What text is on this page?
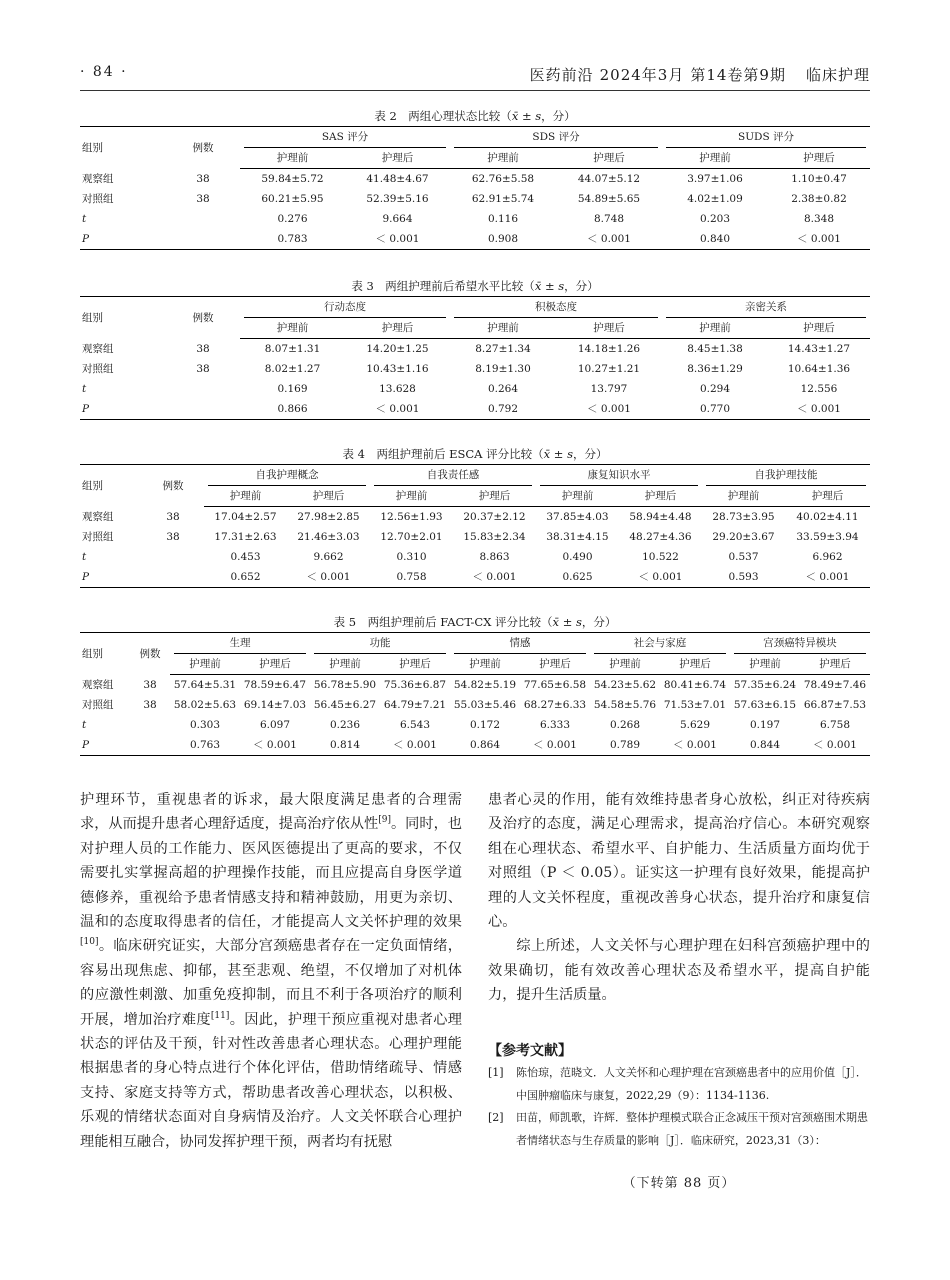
· 84 ·	医药前沿 2024年3月 第14卷第9期 临床护理
表 2　两组心理状态比较（x̄ ± s，分）
组别	例数	SAS 评分		SDS 评分		SUDS 评分	

		护理前	护理后	护理前	护理后	护理前	护理后
观察组	38	59.84±5.72	41.48±4.67	62.76±5.58	44.07±5.12	3.97±1.06	1.10±0.47
对照组	38	60.21±5.95	52.39±5.16	62.91±5.74	54.89±5.65	4.02±1.09	2.38±0.82
t		0.276	9.664	0.116	8.748	0.203	8.348
P		0.783	＜ 0.001	0.908	＜ 0.001	0.840	＜ 0.001
表 3　两组护理前后希望水平比较（x̄ ± s，分）
组别	例数	行动态度		积极态度		亲密关系	

		护理前	护理后	护理前	护理后	护理前	护理后
观察组	38	8.07±1.31	14.20±1.25	8.27±1.34	14.18±1.26	8.45±1.38	14.43±1.27
对照组	38	8.02±1.27	10.43±1.16	8.19±1.30	10.27±1.21	8.36±1.29	10.64±1.36
t		0.169	13.628	0.264	13.797	0.294	12.556
P		0.866	＜ 0.001	0.792	＜ 0.001	0.770	＜ 0.001
表 4　两组护理前后 ESCA 评分比较（x̄ ± s，分）
组别	例数	自我护理概念		自我责任感		康复知识水平		自我护理技能	

		护理前	护理后	护理前	护理后	护理前	护理后	护理前	护理后
观察组	38	17.04±2.57	27.98±2.85	12.56±1.93	20.37±2.12	37.85±4.03	58.94±4.48	28.73±3.95	40.02±4.11
对照组	38	17.31±2.63	21.46±3.03	12.70±2.01	15.83±2.34	38.31±4.15	48.27±4.36	29.20±3.67	33.59±3.94
t		0.453	9.662	0.310	8.863	0.490	10.522	0.537	6.962
P		0.652	＜ 0.001	0.758	＜ 0.001	0.625	＜ 0.001	0.593	＜ 0.001
表 5　两组护理前后 FACT-CX 评分比较（x̄ ± s，分）
组别	例数	生理		功能		情感		社会与家庭		宫颈癌特异模块	

		护理前	护理后	护理前	护理后	护理前	护理后	护理前	护理后	护理前	护理后
观察组	38	57.64±5.31	78.59±6.47	56.78±5.90	75.36±6.87	54.82±5.19	77.65±6.58	54.23±5.62	80.41±6.74	57.35±6.24	78.49±7.46
对照组	38	58.02±5.63	69.14±7.03	56.45±6.27	64.79±7.21	55.03±5.46	68.27±6.33	54.58±5.76	71.53±7.01	57.63±6.15	66.87±7.53
t		0.303	6.097	0.236	6.543	0.172	6.333	0.268	5.629	0.197	6.758
P		0.763	＜ 0.001	0.814	＜ 0.001	0.864	＜ 0.001	0.789	＜ 0.001	0.844	＜ 0.001

护理环节，重视患者的诉求，最大限度满足患者的合理需求，从而提升患者心理舒适度，提高治疗依从性[9]。同时，也对护理人员的工作能力、医风医德提出了更高的要求，不仅需要扎实掌握高超的护理操作技能，而且应提高自身医学道德修养，重视给予患者情感支持和精神鼓励，用更为亲切、温和的态度取得患者的信任，才能提高人文关怀护理的效果[10]。临床研究证实，大部分宫颈癌患者存在一定负面情绪，容易出现焦虑、抑郁，甚至悲观、绝望，不仅增加了对机体的应激性刺激、加重免疫抑制，而且不利于各项治疗的顺利开展，增加治疗难度[11]。因此，护理干预应重视对患者心理状态的评估及干预，针对性改善患者心理状态。心理护理能根据患者的身心特点进行个体化评估，借助情绪疏导、情感支持、家庭支持等方式，帮助患者改善心理状态，以积极、乐观的情绪状态面对自身病情及治疗。人文关怀联合心理护理能相互融合，协同发挥护理干预，两者均有抚慰

患者心灵的作用，能有效维持患者身心放松，纠正对待疾病及治疗的态度，满足心理需求，提高治疗信心。本研究观察组在心理状态、希望水平、自护能力、生活质量方面均优于对照组（P ＜ 0.05）。证实这一护理有良好效果，能提高护理的人文关怀程度，重视改善身心状态，提升治疗和康复信心。

综上所述，人文关怀与心理护理在妇科宫颈癌护理中的效果确切，能有效改善心理状态及希望水平，提高自护能力，提升生活质量。

【参考文献】
[1]	陈怡琼，范晓文．人文关怀和心理护理在宫颈癌患者中的应用价值［J］．中国肿瘤临床与康复，2022,29（9）：1134-1136.
[2]	田苗，师凯歌，许辉．整体护理模式联合正念减压干预对宫颈癌围术期患者情绪状态与生存质量的影响［J］．临床研究，2023,31（3）：
（下转第 88 页）
